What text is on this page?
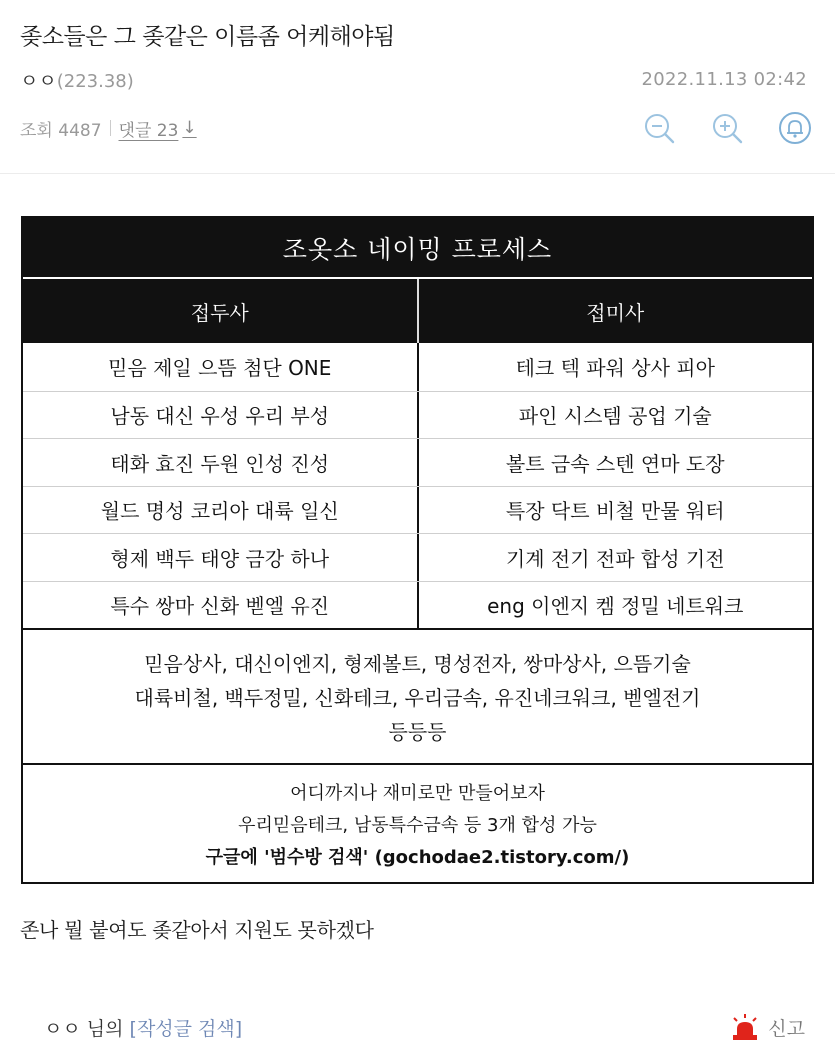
좆소들은 그 좆같은 이름좀 어케해야됨
ㅇㅇ(223.38)	2022.11.13 02:42
조회 4487 댓글 23 ↓
조옷소 네이밍 프로세스
접두사	접미사
믿음 제일 으뜸 첨단 ONE	테크 텍 파워 상사 피아
남동 대신 우성 우리 부성	파인 시스템 공업 기술
태화 효진 두원 인성 진성	볼트 금속 스텐 연마 도장
월드 명성 코리아 대륙 일신	특장 닥트 비철 만물 워터
형제 백두 태양 금강 하나	기계 전기 전파 합성 기전
특수 쌍마 신화 벧엘 유진	eng 이엔지 켐 정밀 네트워크
믿음상사, 대신이엔지, 형제볼트, 명성전자, 쌍마상사, 으뜸기술
대륙비철, 백두정밀, 신화테크, 우리금속, 유진네크워크, 벧엘전기
등등등
어디까지나 재미로만 만들어보자
우리믿음테크, 남동특수금속 등 3개 합성 가능
구글에 '범수방 검색' (gochodae2.tistory.com/)
존나 뭘 붙여도 좆같아서 지원도 못하겠다
ㅇㅇ 님의 [작성글 검색]	신고
